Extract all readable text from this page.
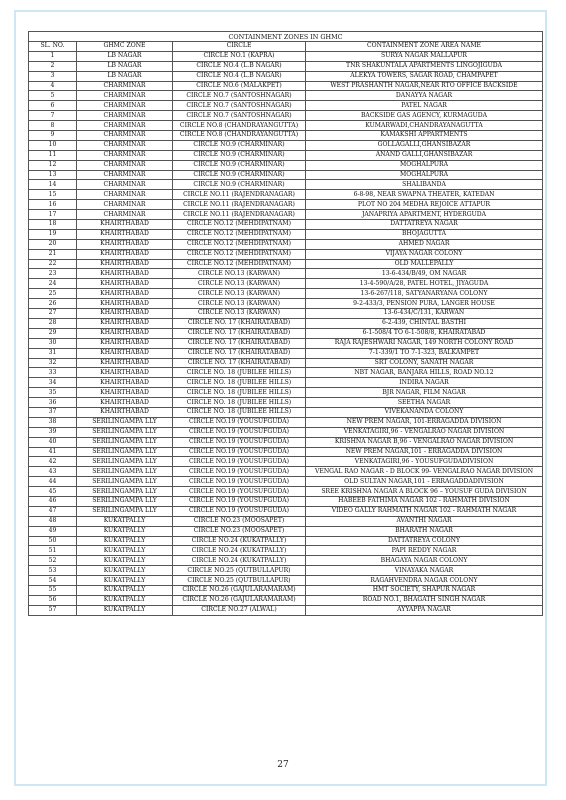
CONTAINMENT ZONES IN GHMC			
SL. NO.	GHMC ZONE	CIRCLE	CONTAINMENT ZONE AREA NAME
1	LB NAGAR	CIRCLE NO.1 (KAPRA)	SURYA NAGAR MALLAPUR
2	LB NAGAR	CIRCLE NO.4 (L.B NAGAR)	TNR SHAKUNTALA APARTMENTS LINGOJIGUDA
3	LB NAGAR	CIRCLE NO.4 (L.B NAGAR)	ALEKYA TOWERS, SAGAR ROAD, CHAMPAPET
4	CHARMINAR	CIRCLE NO.6 (MALAKPET)	WEST PRASHANTH NAGAR,NEAR RTO OFFICE BACKSIDE
5	CHARMINAR	CIRCLE NO.7 (SANTOSHNAGAR)	DANAYYA NAGAR
6	CHARMINAR	CIRCLE NO.7 (SANTOSHNAGAR)	PATEL NAGAR
7	CHARMINAR	CIRCLE NO.7 (SANTOSHNAGAR)	BACKSIDE GAS AGENCY, KURMAGUDA
8	CHARMINAR	CIRCLE NO.8 (CHANDRAYANGUTTA)	KUMARWADI,CHANDRAYANAGUTTA
9	CHARMINAR	CIRCLE NO.8 (CHANDRAYANGUTTA)	KAMAKSHI APPARTMENTS
10	CHARMINAR	CIRCLE NO.9 (CHARMINAR)	GOLLAGALLI,GHANSIBAZAR
11	CHARMINAR	CIRCLE NO.9 (CHARMINAR)	ANAND GALLI,GHANSIBAZAR
12	CHARMINAR	CIRCLE NO.9 (CHARMINAR)	MOGHALPURA
13	CHARMINAR	CIRCLE NO.9 (CHARMINAR)	MOGHALPURA
14	CHARMINAR	CIRCLE NO.9 (CHARMINAR)	SHALIBANDA
15	CHARMINAR	CIRCLE NO.11 (RAJENDRANAGAR)	6-8-98, NEAR SWAPNA THEATER, KATEDAN
16	CHARMINAR	CIRCLE NO.11 (RAJENDRANAGAR)	PLOT NO 204 MEDHA REJOICE ATTAPUR
17	CHARMINAR	CIRCLE NO.11 (RAJENDRANAGAR)	JANAPRIYA APARTMENT, HYDERGUDA
18	KHAIRTHABAD	CIRCLE NO.12 (MEHDIPATNAM)	DATTATREYA NAGAR
19	KHAIRTHABAD	CIRCLE NO.12 (MEHDIPATNAM)	BHOJAGUTTA
20	KHAIRTHABAD	CIRCLE NO.12 (MEHDIPATNAM)	AHMED NAGAR
21	KHAIRTHABAD	CIRCLE NO.12 (MEHDIPATNAM)	VIJAYA NAGAR COLONY
22	KHAIRTHABAD	CIRCLE NO.12 (MEHDIPATNAM)	OLD MALLEPALLY
23	KHAIRTHABAD	CIRCLE NO.13 (KARWAN)	13-6-434/B/49, OM NAGAR
24	KHAIRTHABAD	CIRCLE NO.13 (KARWAN)	13-4-590/A/28, PATEL HOTEL, JIYAGUDA
25	KHAIRTHABAD	CIRCLE NO.13 (KARWAN)	13-6-267/118, SATYANARYANA COLONY
26	KHAIRTHABAD	CIRCLE NO.13 (KARWAN)	9-2-433/3, PENSION PURA, LANGER HOUSE
27	KHAIRTHABAD	CIRCLE NO.13 (KARWAN)	13-6-434/C/131, KARWAN
28	KHAIRTHABAD	CIRCLE NO. 17 (KHAIRATABAD)	6-2-439, CHINTAL BASTHI
29	KHAIRTHABAD	CIRCLE NO. 17 (KHAIRATABAD)	6-1-508/4 TO 6-1-508/8, KHAIRATABAD
30	KHAIRTHABAD	CIRCLE NO. 17 (KHAIRATABAD)	RAJA RAJESHWARI NAGAR, 149 NORTH COLONY ROAD
31	KHAIRTHABAD	CIRCLE NO. 17 (KHAIRATABAD)	7-1-339/1 TO 7-1-323, BALKAMPET
32	KHAIRTHABAD	CIRCLE NO. 17 (KHAIRATABAD)	SRT COLONY, SANATH NAGAR
33	KHAIRTHABAD	CIRCLE NO. 18 (JUBILEE HILLS)	NBT NAGAR, BANJARA HILLS, ROAD NO.12
34	KHAIRTHABAD	CIRCLE NO. 18 (JUBILEE HILLS)	INDIRA NAGAR
35	KHAIRTHABAD	CIRCLE NO. 18 (JUBILEE HILLS)	BJR NAGAR, FILM NAGAR
36	KHAIRTHABAD	CIRCLE NO. 18 (JUBILEE HILLS)	SEETHA NAGAR
37	KHAIRTHABAD	CIRCLE NO. 18 (JUBILEE HILLS)	VIVEKANANDA COLONY
38	SERILINGAMPA LLY	CIRCLE NO.19 (YOUSUFGUDA)	NEW PREM NAGAR, 101-ERRAGADDA DIVISION
39	SERILINGAMPA LLY	CIRCLE NO.19 (YOUSUFGUDA)	VENKATAGIRI,96 - VENGALRAO NAGAR DIVISION
40	SERILINGAMPA LLY	CIRCLE NO.19 (YOUSUFGUDA)	KRISHNA NAGAR B,96 - VENGALRAO NAGAR DIVISION
41	SERILINGAMPA LLY	CIRCLE NO.19 (YOUSUFGUDA)	NEW PREM NAGAR,101 - ERRAGADDA DIVISION
42	SERILINGAMPA LLY	CIRCLE NO.19 (YOUSUFGUDA)	VENKATAGIRI,96 - YOUSUFGUDADIVISION
43	SERILINGAMPA LLY	CIRCLE NO.19 (YOUSUFGUDA)	VENGAL RAO NAGAR - D BLOCK 99- VENGALRAO NAGAR DIVISION
44	SERILINGAMPA LLY	CIRCLE NO.19 (YOUSUFGUDA)	OLD SULTAN NAGAR,101 - ERRAGADDADIVISION
45	SERILINGAMPA LLY	CIRCLE NO.19 (YOUSUFGUDA)	SREE KRISHNA NAGAR A BLOCK 96 – YOUSUF GUDA DIVISION
46	SERILINGAMPA LLY	CIRCLE NO.19 (YOUSUFGUDA)	HABEEB FATHIMA NAGAR 102 - RAHMATH DIVISION
47	SERILINGAMPA LLY	CIRCLE NO.19 (YOUSUFGUDA)	VIDEO GALLY RAHMATH NAGAR 102 - RAHMATH NAGAR
48	KUKATPALLY	CIRCLE NO.23 (MOOSAPET)	AVANTHI NAGAR
49	KUKATPALLY	CIRCLE NO.23 (MOOSAPET)	BHARATH NAGAR
50	KUKATPALLY	CIRCLE NO.24 (KUKATPALLY)	DATTATREYA COLONY
51	KUKATPALLY	CIRCLE NO.24 (KUKATPALLY)	PAPI REDDY NAGAR
52	KUKATPALLY	CIRCLE NO.24 (KUKATPALLY)	BHAGAYA NAGAR COLONY
53	KUKATPALLY	CIRCLE NO.25 (QUTBULLAPUR)	VINAYAKA NAGAR
54	KUKATPALLY	CIRCLE NO.25 (QUTBULLAPUR)	RAGAHVENDRA NAGAR COLONY
55	KUKATPALLY	CIRCLE NO.26 (GAJULARAMARAM)	HMT SOCIETY, SHAPUR NAGAR
56	KUKATPALLY	CIRCLE NO.26 (GAJULARAMARAM)	ROAD NO.1, BHAGATH SINGH NAGAR
57	KUKATPALLY	CIRCLE NO.27 (ALWAL)	AYYAPPA NAGAR
27
